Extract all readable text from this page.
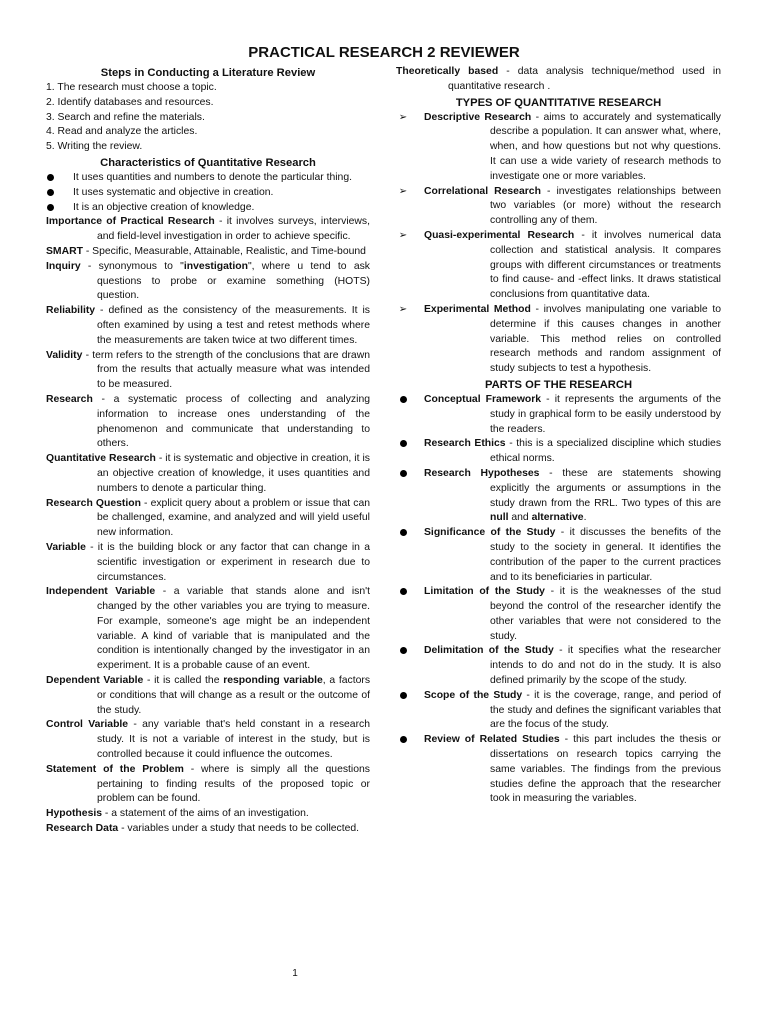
PRACTICAL RESEARCH 2 REVIEWER
Steps in Conducting a Literature Review
1. The research must choose a topic.
2. Identify databases and resources.
3. Search and refine the materials.
4. Read and analyze the articles.
5. Writing the review.
Characteristics of Quantitative Research
It uses quantities and numbers to denote the particular thing.
It uses systematic and objective in creation.
It is an objective creation of knowledge.
Importance of Practical Research - it involves surveys, interviews, and field-level investigation in order to achieve specific.
SMART - Specific, Measurable, Attainable, Realistic, and Time-bound
Inquiry - synonymous to "investigation", where u tend to ask questions to probe or examine something (HOTS) question.
Reliability - defined as the consistency of the measurements. It is often examined by using a test and retest methods where the measurements are taken twice at two different times.
Validity - term refers to the strength of the conclusions that are drawn from the results that actually measure what was intended to be measured.
Research - a systematic process of collecting and analyzing information to increase ones understanding of the phenomenon and communicate that understanding to others.
Quantitative Research - it is systematic and objective in creation, it is an objective creation of knowledge, it uses quantities and numbers to denote a particular thing.
Research Question - explicit query about a problem or issue that can be challenged, examine, and analyzed and will yield useful new information.
Variable - it is the building block or any factor that can change in a scientific investigation or experiment in research due to circumstances.
Independent Variable - a variable that stands alone and isn't changed by the other variables you are trying to measure. For example, someone's age might be an independent variable. A kind of variable that is manipulated and the condition is intentionally changed by the investigator in an experiment. It is a probable cause of an event.
Dependent Variable - it is called the responding variable, a factors or conditions that will change as a result or the outcome of the study.
Control Variable - any variable that's held constant in a research study. It is not a variable of interest in the study, but is controlled because it could influence the outcomes.
Statement of the Problem - where is simply all the questions pertaining to finding results of the proposed topic or problem can be found.
Hypothesis - a statement of the aims of an investigation.
Research Data - variables under a study that needs to be collected.
Theoretically based - data analysis technique/method used in quantitative research .
TYPES OF QUANTITATIVE RESEARCH
➢ Descriptive Research - aims to accurately and systematically describe a population. It can answer what, where, when, and how questions but not why questions. It can use a wide variety of research methods to investigate one or more variables.
➢ Correlational Research - investigates relationships between two variables (or more) without the research controlling any of them.
➢ Quasi-experimental Research - it involves numerical data collection and statistical analysis. It compares groups with different circumstances or treatments to find cause- and -effect links. It draws statistical conclusions from quantitative data.
➢ Experimental Method - involves manipulating one variable to determine if this causes changes in another variable. This method relies on controlled research methods and random assignment of study subjects to test a hypothesis.
PARTS OF THE RESEARCH
Conceptual Framework - it represents the arguments of the study in graphical form to be easily understood by the readers.
Research Ethics - this is a specialized discipline which studies ethical norms.
Research Hypotheses - these are statements showing explicitly the arguments or assumptions in the study drawn from the RRL. Two types of this are null and alternative.
Significance of the Study - it discusses the benefits of the study to the society in general. It identifies the contribution of the paper to the current practices and to its beneficiaries in particular.
Limitation of the Study - it is the weaknesses of the stud beyond the control of the researcher identify the other variables that were not considered to the study.
Delimitation of the Study - it specifies what the researcher intends to do and not do in the study. It is also defined primarily by the scope of the study.
Scope of the Study - it is the coverage, range, and period of the study and defines the significant variables that are the focus of the study.
Review of Related Studies - this part includes the thesis or dissertations on research topics carrying the same variables. The findings from the previous studies define the approach that the researcher took in measuring the variables.
1
